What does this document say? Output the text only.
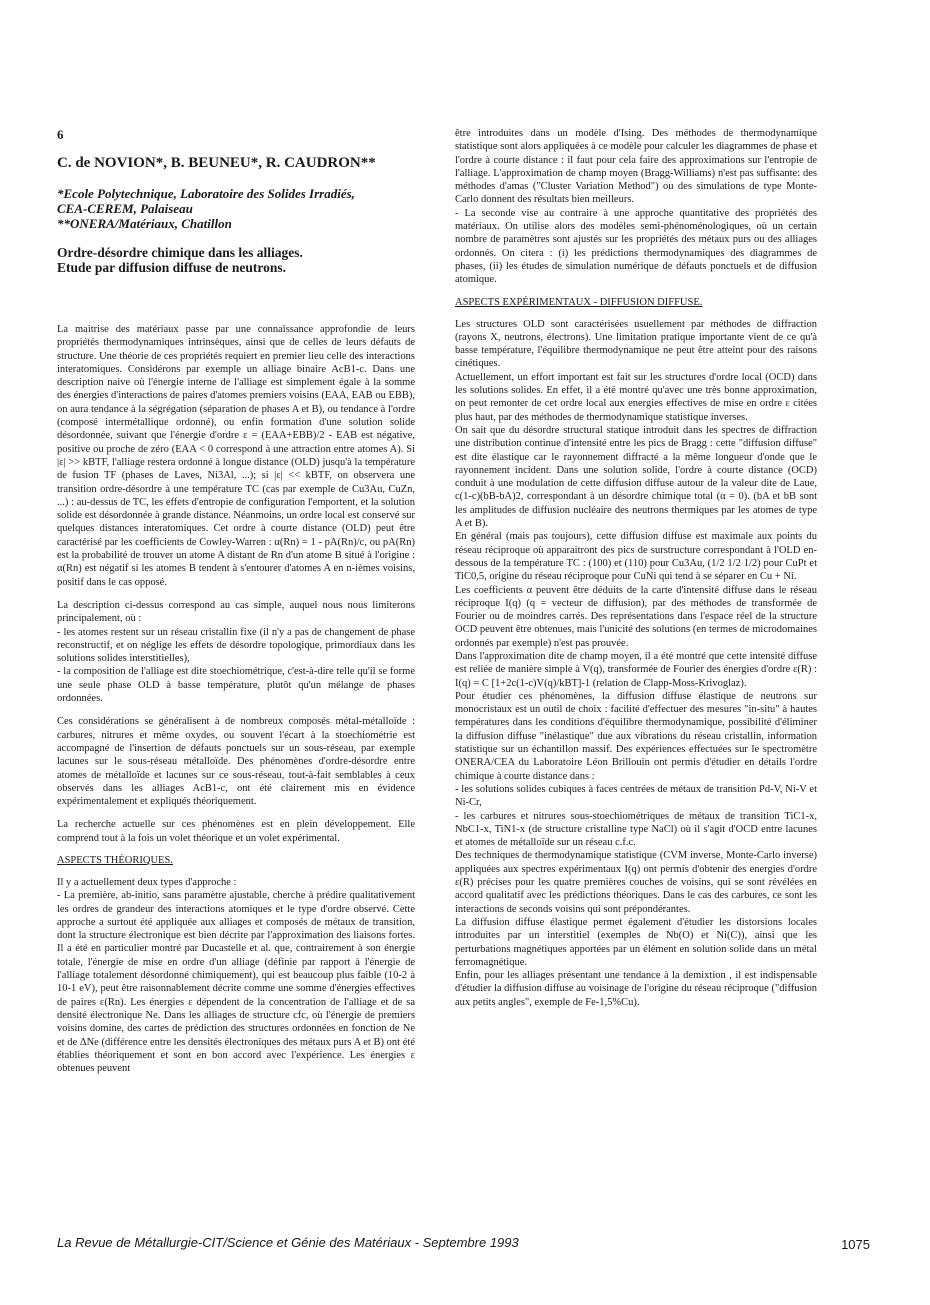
6
C. de NOVION*, B. BEUNEU*, R. CAUDRON**
*Ecole Polytechnique, Laboratoire des Solides Irradiés,
CEA-CEREM, Palaiseau
**ONERA/Matériaux, Chatillon
Ordre-désordre chimique dans les alliages.
Etude par diffusion diffuse de neutrons.

La maitrise des matériaux passe par une connaissance approfondie de leurs propriétés thermodynamiques intrinsèques, ainsi que de celles de leurs défauts de structure. Une théorie de ces propriétés requiert en premier lieu celle des interactions interatomiques. Considérons par exemple un alliage binaire AcB1-c. Dans une description naive où l'énergie interne de l'alliage est simplement égale à la somme des énergies d'interactions de paires d'atomes premiers voisins (EAA, EAB ou EBB), on aura tendance à la ségrégation (séparation de phases A et B), ou tendance à l'ordre (composé intermétallique ordonné), ou enfin formation d'une solution solide désordonnée, suivant que l'énergie d'ordre ε = (EAA+EBB)/2 - EAB est négative, positive ou proche de zéro (EAA < 0 correspond à une attraction entre atomes A). Si |ε| >> kBTF, l'alliage restera ordonné à longue distance (OLD) jusqu'à la température de fusion TF (phases de Laves, Ni3Al, ...); si |ε| << kBTF, on observera une transition ordre-désordre à une température TC (cas par exemple de Cu3Au, CuZn, ...) : au-dessus de TC, les effets d'entropie de configuration l'emportent, et la solution solide est désordonnée à grande distance. Néanmoins, un ordre local est conservé sur quelques distances interatomiques. Cet ordre à courte distance (OLD) peut être caractérisé par les coefficients de Cowley-Warren : α(Rn) = 1 - pA(Rn)/c, ou pA(Rn) est la probabilité de trouver un atome A distant de Rn d'un atome B situé à l'origine : α(Rn) est négatif si les atomes B tendent à s'entourer d'atomes A en n-ièmes voisins, positif dans le cas opposé.

La description ci-dessus correspond au cas simple, auquel nous nous limiterons principalement, où :

- les atomes restent sur un réseau cristallin fixe (il n'y a pas de changement de phase reconstructif, et on néglige les effets de désordre topologique, primordiaux dans les solutions solides interstitielles),

- la composition de l'alliage est dite stoechiométrique, c'est-à-dire telle qu'il se forme une seule phase OLD à basse température, plutôt qu'un mélange de phases ordonnées.

Ces considérations se généralisent à de nombreux composés métal-métalloïde : carbures, nitrures et même oxydes, ou souvent l'écart à la stoechiométrie est accompagné de l'insertion de défauts ponctuels sur un sous-réseau, par exemple lacunes sur le sous-réseau métalloïde. Des phénomènes d'ordre-désordre entre atomes de métalloïde et lacunes sur ce sous-réseau, tout-à-fait semblables à ceux observés dans les alliages AcB1-c, ont été clairement mis en évidence expérimentalement et expliqués théoriquement.

La recherche actuelle sur ces phénomènes est en plein développement. Elle comprend tout à la fois un volet théorique et un volet expérimental.

ASPECTS THÉORIQUES.

Il y a actuellement deux types d'approche :

- La première, ab-initio, sans paramètre ajustable, cherche à prédire qualitativement les ordres de grandeur des interactions atomiques et le type d'ordre observé. Cette approche a surtout été appliquée aux alliages et composés de métaux de transition, dont la structure électronique est bien décrite par l'approximation des liaisons fortes. Il a été en particulier montré par Ducastelle et al. que, contrairement à son énergie totale, l'énergie de mise en ordre d'un alliage (définie par rapport à l'énergie de l'alliage totalement désordonné chimiquement), qui est beaucoup plus faible (10-2 à 10-1 eV), peut être raisonnablement décrite comme une somme d'énergies effectives de paires ε(Rn). Les énergies ε dépendent de la concentration de l'alliage et de sa densité électronique Ne. Dans les alliages de structure cfc, où l'énergie de premiers voisins domine, des cartes de prédiction des structures ordonnées en fonction de Ne et de ΔNe (différence entre les densités électroniques des métaux purs A et B) ont été établies théoriquement et sont en bon accord avec l'expérience. Les énergies ε obtenues peuvent

être introduites dans un modèle d'Ising. Des méthodes de thermodynamique statistique sont alors appliquées à ce modèle pour calculer les diagrammes de phase et l'ordre à courte distance : il faut pour cela faire des approximations sur l'entropie de l'alliage. L'approximation de champ moyen (Bragg-Williams) n'est pas suffisante: des méthodes d'amas ("Cluster Variation Method") ou des simulations de type Monte-Carlo donnent des résultats bien meilleurs.

- La seconde vise au contraire à une approche quantitative des propriétés des matériaux. On utilise alors des modèles semi-phénoménologiques, où un certain nombre de paramètres sont ajustés sur les propriétés des métaux purs ou des alliages ordonnés. On citera : (i) les prédictions thermodynamiques des diagrammes de phases, (ii) les études de simulation numérique de défauts ponctuels et de diffusion atomique.

ASPECTS EXPÉRIMENTAUX - DIFFUSION DIFFUSE.

Les structures OLD sont caractérisées usuellement par méthodes de diffraction (rayons X, neutrons, électrons). Une limitation pratique importante vient de ce qu'à basse température, l'équilibre thermodynamique ne peut être atteint pour des raisons cinétiques.

Actuellement, un effort important est fait sur les structures d'ordre local (OCD) dans les solutions solides. En effet, il a été montré qu'avec une très bonne approximation, on peut remonter de cet ordre local aux energies effectives de mise en ordre ε citées plus haut, par des méthodes de thermodynamique statistique inverses.

On sait que du désordre structural statique introduit dans les spectres de diffraction une distribution continue d'intensité entre les pics de Bragg : cette "diffusion diffuse" est dite élastique car le rayonnement diffracté a la même longueur d'onde que le rayonnement incident. Dans une solution solide, l'ordre à courte distance (OCD) conduit à une modulation de cette diffusion diffuse autour de la valeur dite de Laue, c(1-c)(bB-bA)2, correspondant à un désordre chimique total (α = 0). (bA et bB sont les amplitudes de diffusion nucléaire des neutrons thermiques par les atomes de type A et B).

En général (mais pas toujours), cette diffusion diffuse est maximale aux points du réseau réciproque où apparaitront des pics de surstructure correspondant à l'OLD en-dessous de la température TC : (100) et (110) pour Cu3Au, (1/2 1/2 1/2) pour CuPt et TiC0,5, origine du réseau réciproque pour CuNi qui tend à se séparer en Cu + Ni.

Les coefficients α peuvent être déduits de la carte d'intensité diffuse dans le réseau réciproque I(q) (q = vecteur de diffusion), par des méthodes de transformée de Fourier ou de moindres carrés. Des représentations dans l'espace réel de la structure OCD peuvent être obtenues, mais l'unicité des solutions (en termes de microdomaines ordonnés par exemple) n'est pas prouvée.

Dans l'approximation dite de champ moyen, il a été montré que cette intensité diffuse est reliée de manière simple à V(q), transformée de Fourier des énergies d'ordre ε(R) : I(q) = C [1+2c(1-c)V(q)/kBT]-1 (relation de Clapp-Moss-Krivoglaz).

Pour étudier ces phénomènes, la diffusion diffuse élastique de neutrons sur monocristaux est un outil de choix : facilité d'effectuer des mesures "in-situ" à hautes températures dans les conditions d'équilibre thermodynamique, possibilité d'éliminer la diffusion diffuse "inélastique" due aux vibrations du réseau cristallin, information statistique sur un échantillon massif. Des expériences effectuées sur le spectromètre ONERA/CEA du Laboratoire Léon Brillouin ont permis d'étudier en détails l'ordre chimique à courte distance dans :

- les solutions solides cubiques à faces centrées de métaux de transition Pd-V, Ni-V et Ni-Cr,

- les carbures et nitrures sous-stoechiométriques de métaux de transition TiC1-x, NbC1-x, TiN1-x (de structure cristalline type NaCl) où il s'agit d'OCD entre lacunes et atomes de métalloïde sur un réseau c.f.c.

Des techniques de thermodynamique statistique (CVM inverse, Monte-Carlo inverse) appliquées aux spectres expérimentaux I(q) ont permis d'obtenir des energies d'ordre ε(R) précises pour les quatre premières couches de voisins, qui se sont révélées en accord qualitatif avec les prédictions théoriques. Dans le cas des carbures, ce sont les interactions de seconds voisins qui sont prépondérantes.

La diffusion diffuse élastique permet également d'étudier les distorsions locales introduites par un interstitiel (exemples de Nb(O) et Ni(C)), ainsi que les perturbations magnétiques apportées par un élément en solution solide dans un métal ferromagnétique.

Enfin, pour les alliages présentant une tendance à la demixtion , il est indispensable d'étudier la diffusion diffuse au voisinage de l'origine du réseau réciproque ("diffusion aux petits angles", exemple de Fe-1,5%Cu).

La Revue de Métallurgie-CIT/Science et Génie des Matériaux - Septembre 1993	1075
